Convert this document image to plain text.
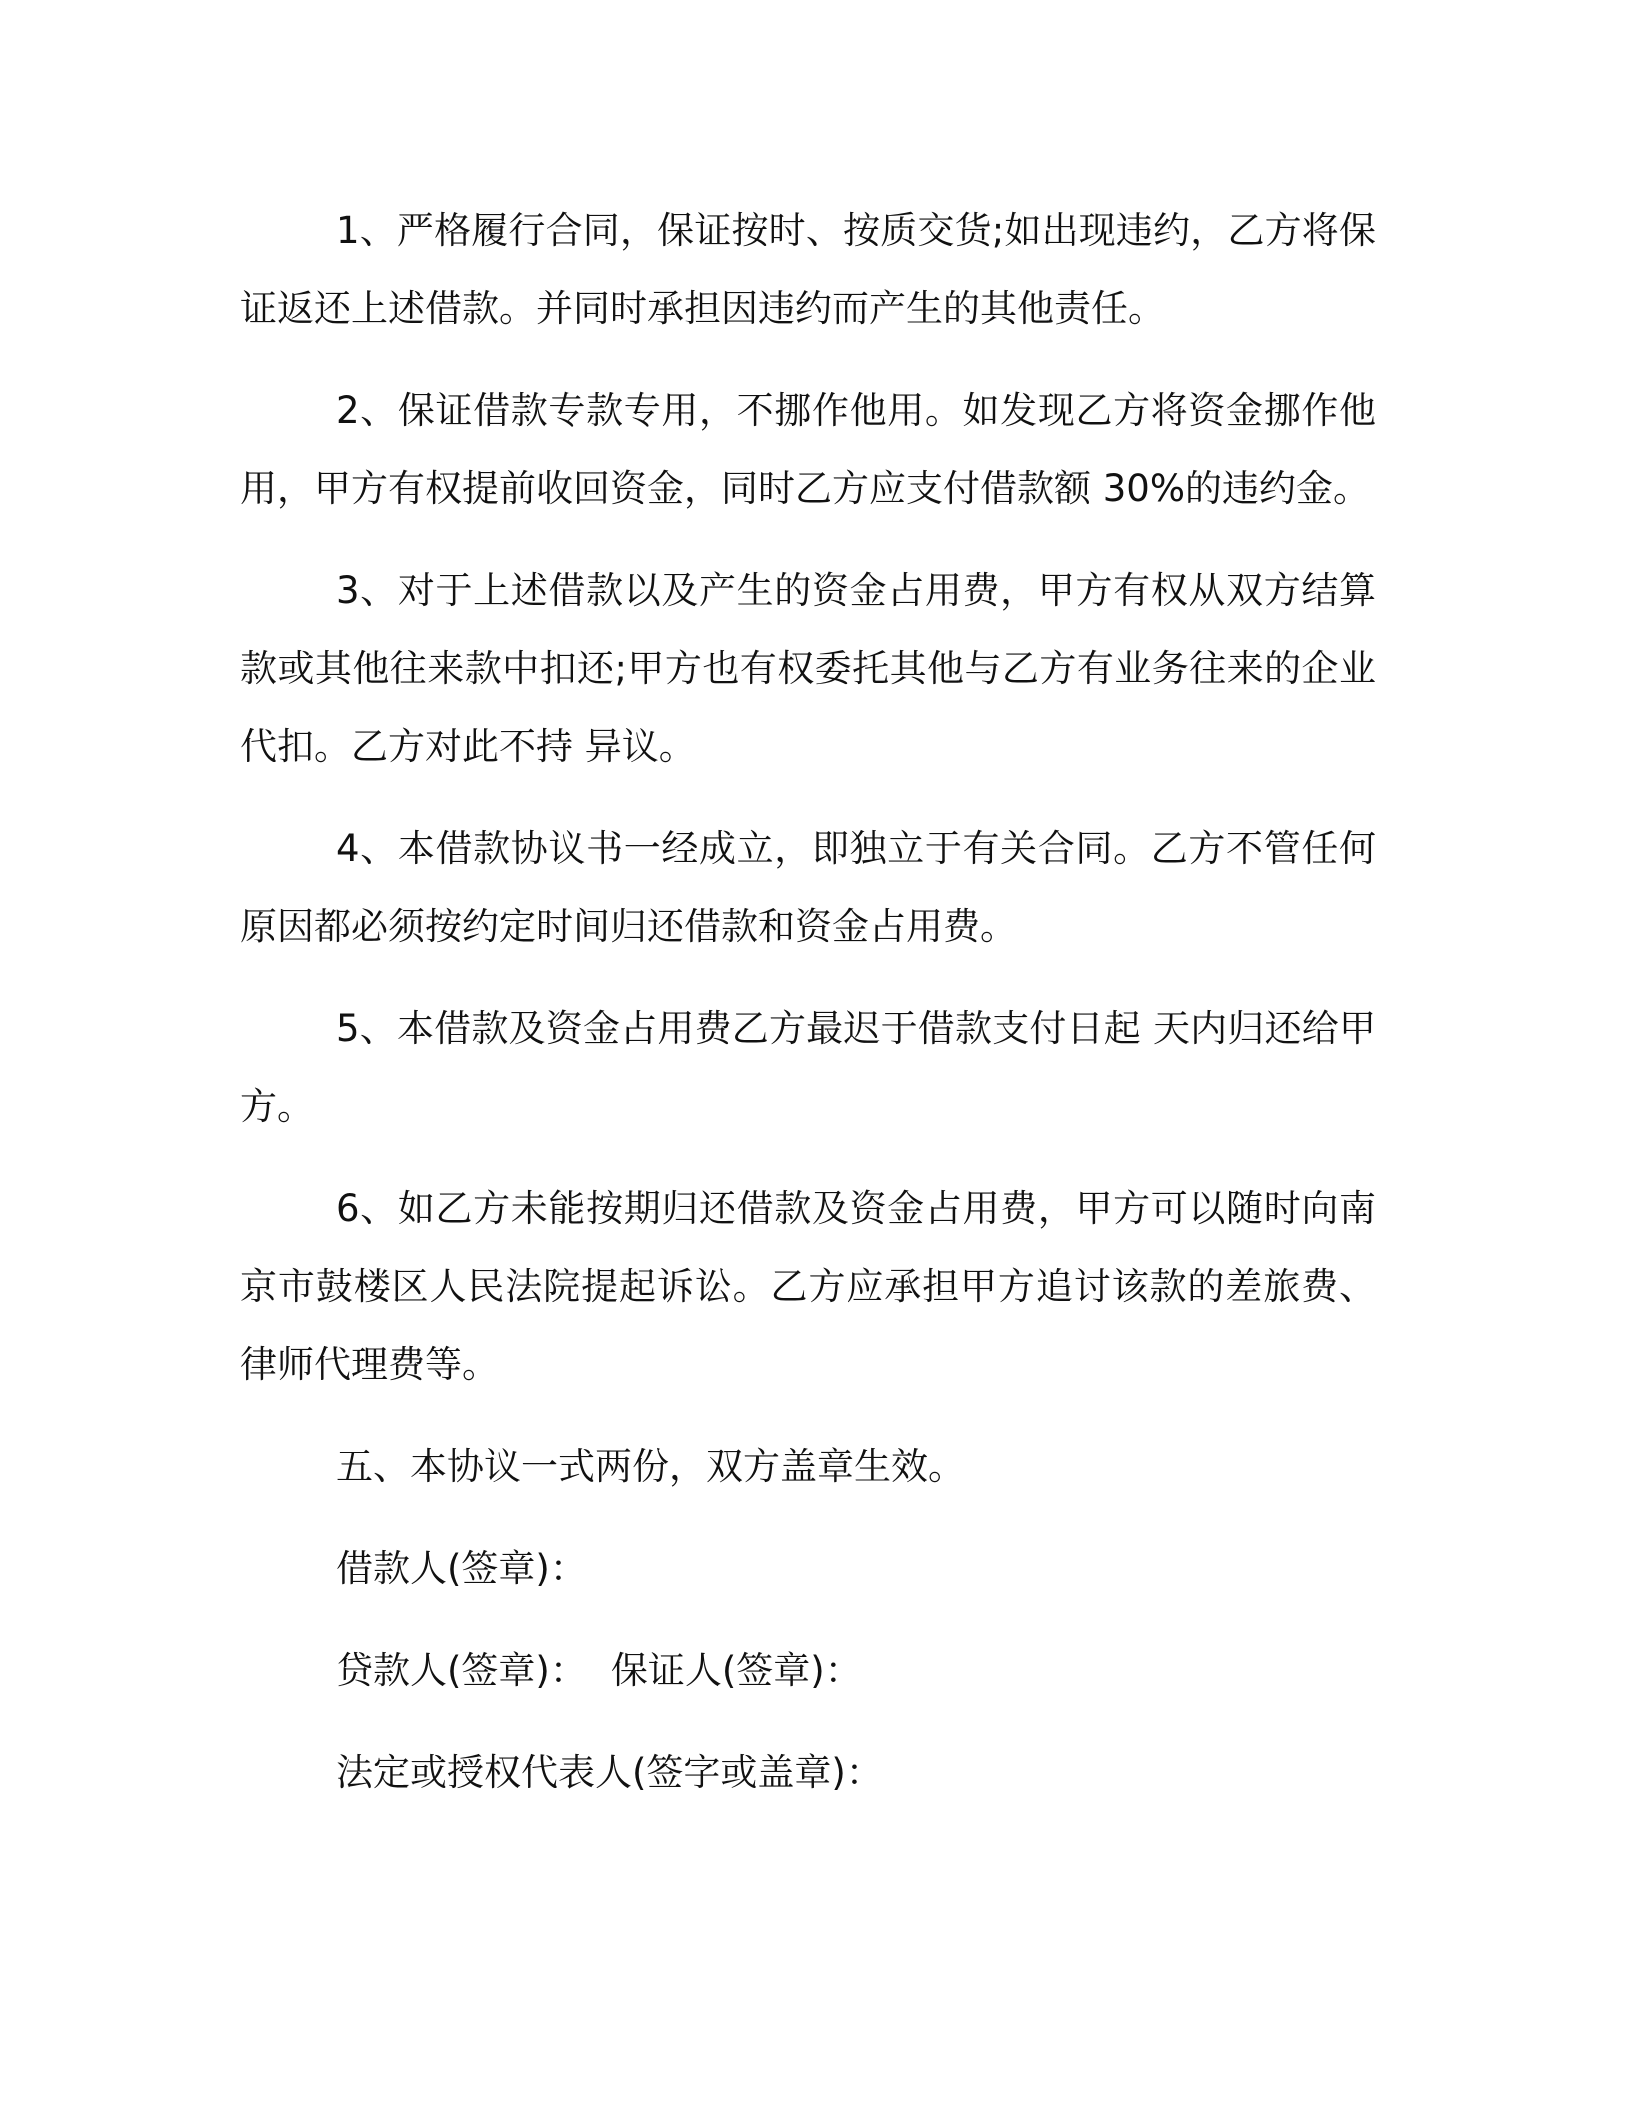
1、严格履行合同，保证按时、按质交货;如出现违约，乙方将保证返还上述借款。并同时承担因违约而产生的其他责任。

2、保证借款专款专用，不挪作他用。如发现乙方将资金挪作他用，甲方有权提前收回资金，同时乙方应支付借款额 30%的违约金。

3、对于上述借款以及产生的资金占用费，甲方有权从双方结算款或其他往来款中扣还;甲方也有权委托其他与乙方有业务往来的企业代扣。乙方对此不持 异议。

4、本借款协议书一经成立，即独立于有关合同。乙方不管任何原因都必须按约定时间归还借款和资金占用费。

5、本借款及资金占用费乙方最迟于借款支付日起 天内归还给甲方。

6、如乙方未能按期归还借款及资金占用费，甲方可以随时向南京市鼓楼区人民法院提起诉讼。乙方应承担甲方追讨该款的差旅费、律师代理费等。

五、本协议一式两份，双方盖章生效。

借款人(签章)：
贷款人(签章)： 保证人(签章)：
法定或授权代表人(签字或盖章)：
